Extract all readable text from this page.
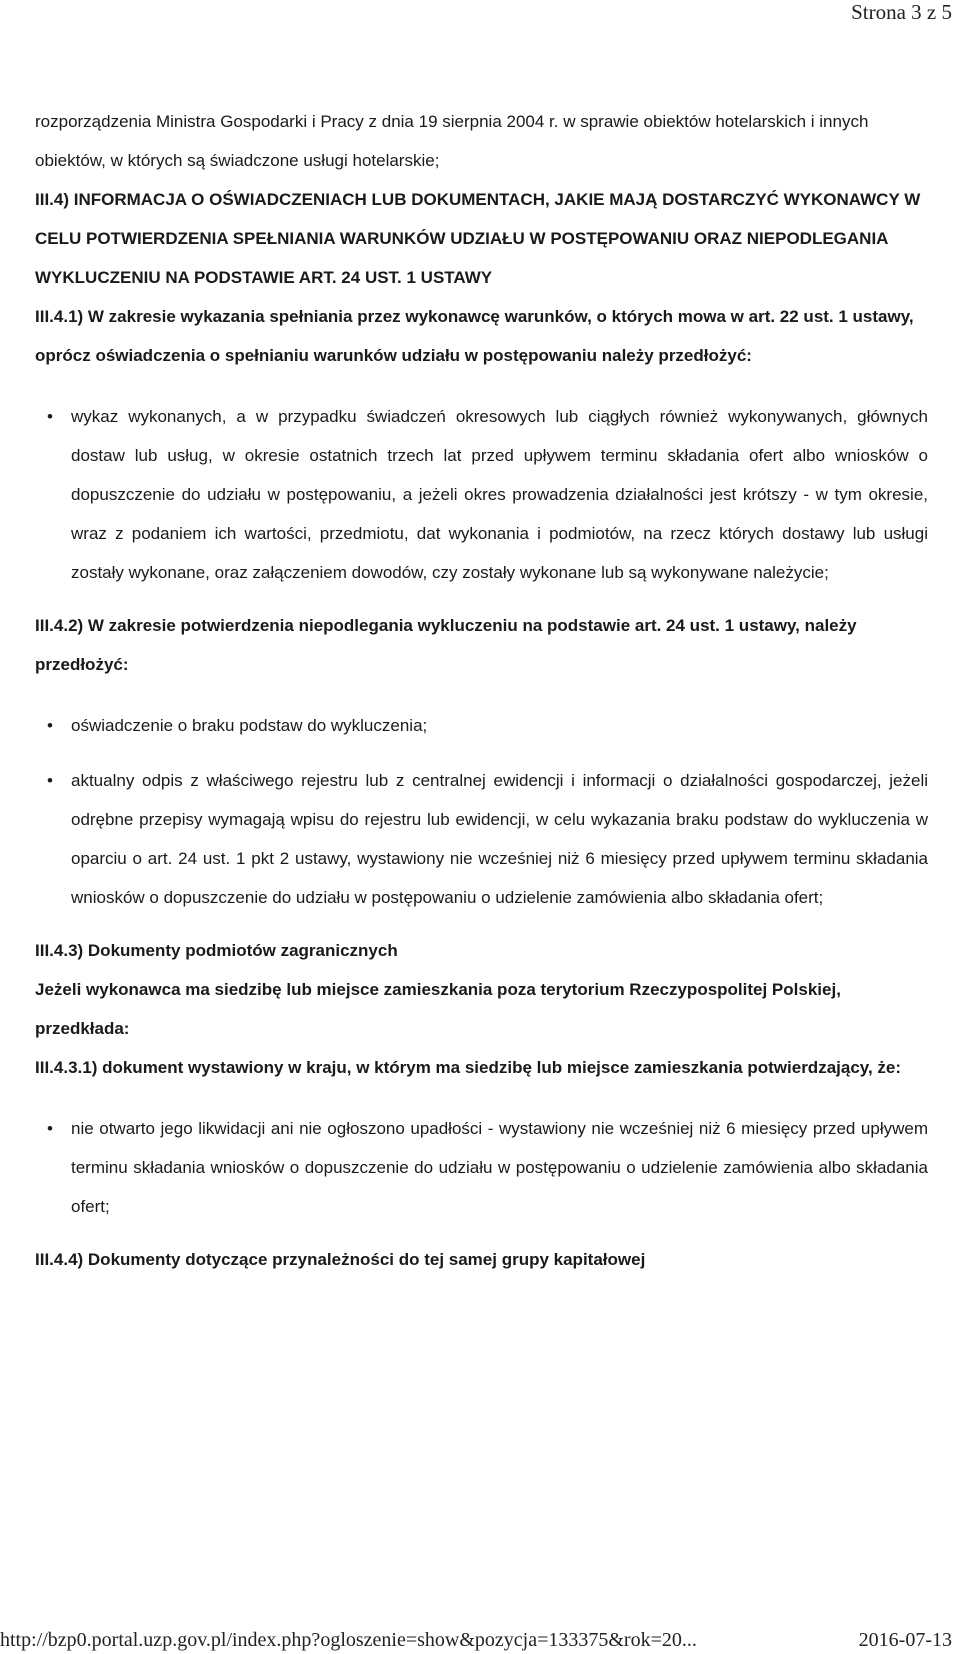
Strona 3 z 5

rozporządzenia Ministra Gospodarki i Pracy z dnia 19 sierpnia 2004 r. w sprawie obiektów hotelarskich i innych obiektów, w których są świadczone usługi hotelarskie;

III.4) INFORMACJA O OŚWIADCZENIACH LUB DOKUMENTACH, JAKIE MAJĄ DOSTARCZYĆ WYKONAWCY W CELU POTWIERDZENIA SPEŁNIANIA WARUNKÓW UDZIAŁU W POSTĘPOWANIU ORAZ NIEPODLEGANIA WYKLUCZENIU NA PODSTAWIE ART. 24 UST. 1 USTAWY

III.4.1) W zakresie wykazania spełniania przez wykonawcę warunków, o których mowa w art. 22 ust. 1 ustawy, oprócz oświadczenia o spełnianiu warunków udziału w postępowaniu należy przedłożyć:

• wykaz wykonanych, a w przypadku świadczeń okresowych lub ciągłych również wykonywanych, głównych dostaw lub usług, w okresie ostatnich trzech lat przed upływem terminu składania ofert albo wniosków o dopuszczenie do udziału w postępowaniu, a jeżeli okres prowadzenia działalności jest krótszy - w tym okresie, wraz z podaniem ich wartości, przedmiotu, dat wykonania i podmiotów, na rzecz których dostawy lub usługi zostały wykonane, oraz załączeniem dowodów, czy zostały wykonane lub są wykonywane należycie;

III.4.2) W zakresie potwierdzenia niepodlegania wykluczeniu na podstawie art. 24 ust. 1 ustawy, należy przedłożyć:

• oświadczenie o braku podstaw do wykluczenia;
• aktualny odpis z właściwego rejestru lub z centralnej ewidencji i informacji o działalności gospodarczej, jeżeli odrębne przepisy wymagają wpisu do rejestru lub ewidencji, w celu wykazania braku podstaw do wykluczenia w oparciu o art. 24 ust. 1 pkt 2 ustawy, wystawiony nie wcześniej niż 6 miesięcy przed upływem terminu składania wniosków o dopuszczenie do udziału w postępowaniu o udzielenie zamówienia albo składania ofert;

III.4.3) Dokumenty podmiotów zagranicznych

Jeżeli wykonawca ma siedzibę lub miejsce zamieszkania poza terytorium Rzeczypospolitej Polskiej, przedkłada:

III.4.3.1) dokument wystawiony w kraju, w którym ma siedzibę lub miejsce zamieszkania potwierdzający, że:

• nie otwarto jego likwidacji ani nie ogłoszono upadłości - wystawiony nie wcześniej niż 6 miesięcy przed upływem terminu składania wniosków o dopuszczenie do udziału w postępowaniu o udzielenie zamówienia albo składania ofert;

III.4.4) Dokumenty dotyczące przynależności do tej samej grupy kapitałowej

http://bzp0.portal.uzp.gov.pl/index.php?ogloszenie=show&pozycja=133375&rok=20...	2016-07-13
